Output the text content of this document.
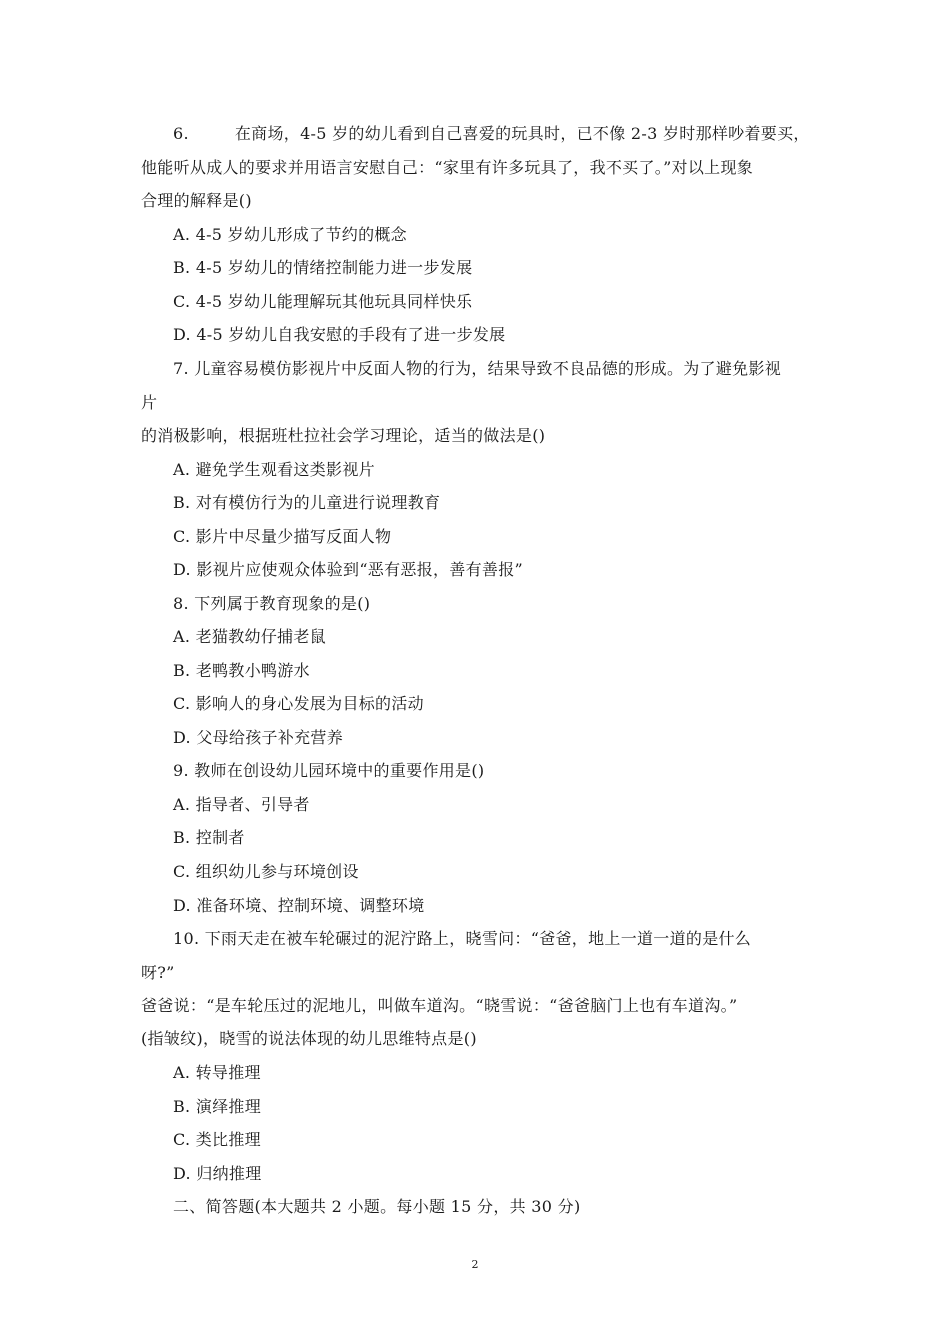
6.	在商场，4-5 岁的幼儿看到自己喜爱的玩具时，已不像 2-3 岁时那样吵着要买，
他能听从成人的要求并用语言安慰自己：“家里有许多玩具了，我不买了。”对以上现象
合理的解释是()
A. 4-5 岁幼儿形成了节约的概念
B. 4-5 岁幼儿的情绪控制能力进一步发展
C. 4-5 岁幼儿能理解玩其他玩具同样快乐
D. 4-5 岁幼儿自我安慰的手段有了进一步发展
7. 儿童容易模仿影视片中反面人物的行为，结果导致不良品德的形成。为了避免影视
片
的消极影响，根据班杜拉社会学习理论，适当的做法是()
A. 避免学生观看这类影视片
B. 对有模仿行为的儿童进行说理教育
C. 影片中尽量少描写反面人物
D. 影视片应使观众体验到“恶有恶报，善有善报”
8. 下列属于教育现象的是()
A. 老猫教幼仔捕老鼠
B. 老鸭教小鸭游水
C. 影响人的身心发展为目标的活动
D. 父母给孩子补充营养
9. 教师在创设幼儿园环境中的重要作用是()
A. 指导者、引导者
B. 控制者
C. 组织幼儿参与环境创设
D. 准备环境、控制环境、调整环境
10. 下雨天走在被车轮碾过的泥泞路上，晓雪问：“爸爸，地上一道一道的是什么
呀?”
爸爸说：“是车轮压过的泥地儿，叫做车道沟。“晓雪说：“爸爸脑门上也有车道沟。”
(指皱纹)，晓雪的说法体现的幼儿思维特点是()
A. 转导推理
B. 演绎推理
C. 类比推理
D. 归纳推理
二、简答题(本大题共 2 小题。每小题 15 分，共 30 分)
2
